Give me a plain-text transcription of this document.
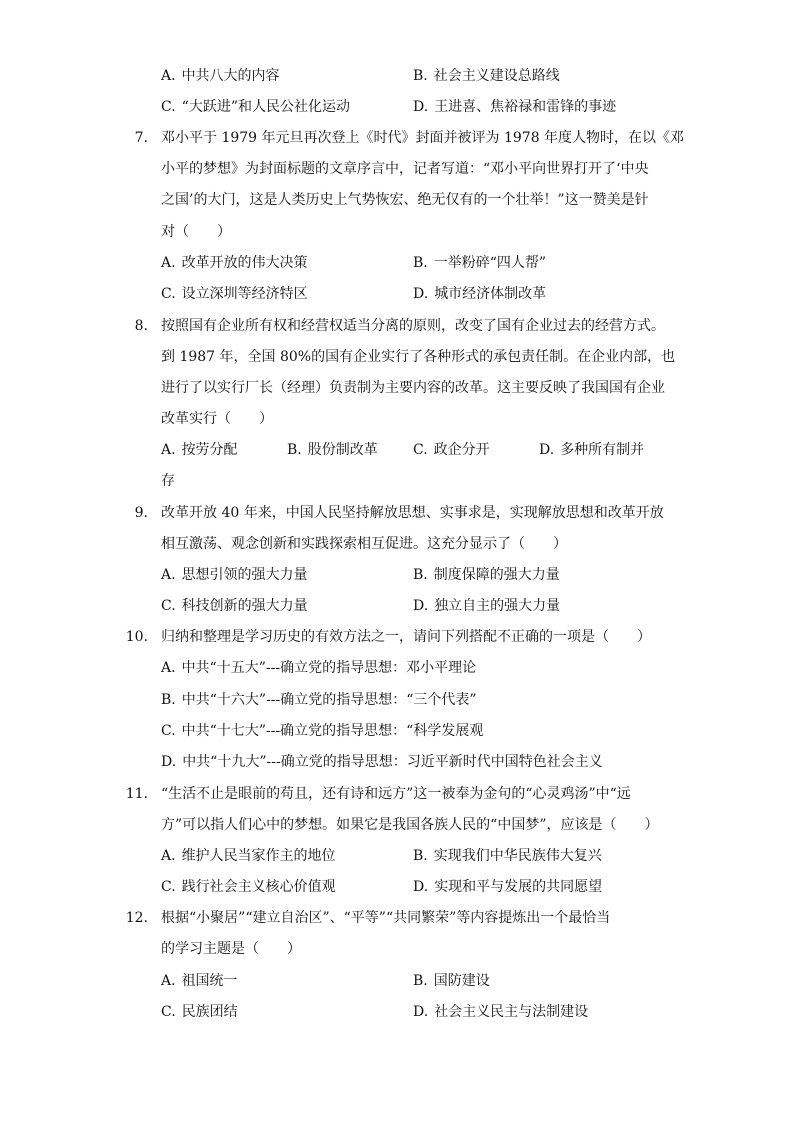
A. 中共八大的内容	B. 社会主义建设总路线
C. “大跃进”和人民公社化运动	D. 王进喜、焦裕禄和雷锋的事迹
7. 邓小平于 1979 年元旦再次登上《时代》封面并被评为 1978 年度人物时，在以《邓
小平的梦想》为封面标题的文章序言中，记者写道：“邓小平向世界打开了‘中央
之国’的大门，这是人类历史上气势恢宏、绝无仅有的一个壮举！”这一赞美是针
对（　　）
A. 改革开放的伟大决策	B. 一举粉碎“四人帮”
C. 设立深圳等经济特区	D. 城市经济体制改革
8. 按照国有企业所有权和经营权适当分离的原则，改变了国有企业过去的经营方式。
到 1987 年，全国 80%的国有企业实行了各种形式的承包责任制。在企业内部，也
进行了以实行厂长（经理）负责制为主要内容的改革。这主要反映了我国国有企业
改革实行（　　）
A. 按劳分配	B. 股份制改革	C. 政企分开	D. 多种所有制并
存
9. 改革开放 40 年来，中国人民坚持解放思想、实事求是，实现解放思想和改革开放
相互激荡、观念创新和实践探索相互促进。这充分显示了（　　）
A. 思想引领的强大力量	B. 制度保障的强大力量
C. 科技创新的强大力量	D. 独立自主的强大力量
10. 归纳和整理是学习历史的有效方法之一，请问下列搭配不正确的一项是（　　）
A. 中共“十五大”---确立党的指导思想：邓小平理论
B. 中共“十六大”---确立党的指导思想：“三个代表”
C. 中共“十七大”---确立党的指导思想：“科学发展观
D. 中共“十九大”---确立党的指导思想：习近平新时代中国特色社会主义
11. “生活不止是眼前的苟且，还有诗和远方”这一被奉为金句的“心灵鸡汤”中“远
方”可以指人们心中的梦想。如果它是我国各族人民的“中国梦”，应该是（　　）
A. 维护人民当家作主的地位	B. 实现我们中华民族伟大复兴
C. 践行社会主义核心价值观	D. 实现和平与发展的共同愿望
12. 根据“小聚居”“建立自治区”、“平等”“共同繁荣”等内容提炼出一个最恰当
的学习主题是（　　）
A. 祖国统一	B. 国防建设
C. 民族团结	D. 社会主义民主与法制建设
